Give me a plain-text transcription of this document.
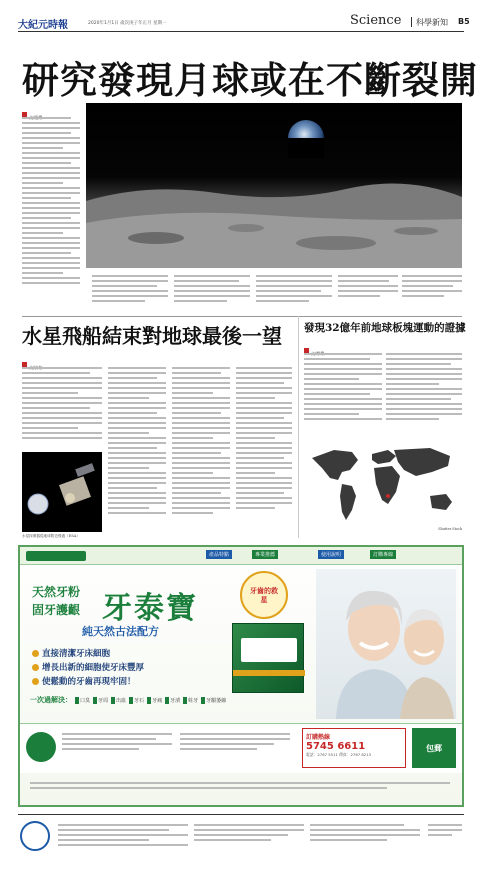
大紀元時報	2020年1月1日 歲次庚子年正月 星期一	Science 科學新知 B5
研究發現月球或在不斷裂開
水星飛船結束對地球最後一望
水星探測器從地球附近飛過（ESA）
發現32億年前地球板塊運動的證據
Shutter Stock
產品特點	專業推薦	使用說明	訂購專線
天然牙粉
固牙護齦 牙泰寶
純天然古法配方
牙齒的救星
直接清潔牙床細胞
增長出新的細胞使牙床豐厚
使鬆動的牙齒再現牢固！
一次過解決：	口臭	牙周	出血	牙石	牙痛	牙漬	蛀牙	牙齦萎縮
訂購熱線
5745 6611
電話：2767 5511 傳真：2767 8213
包郵
